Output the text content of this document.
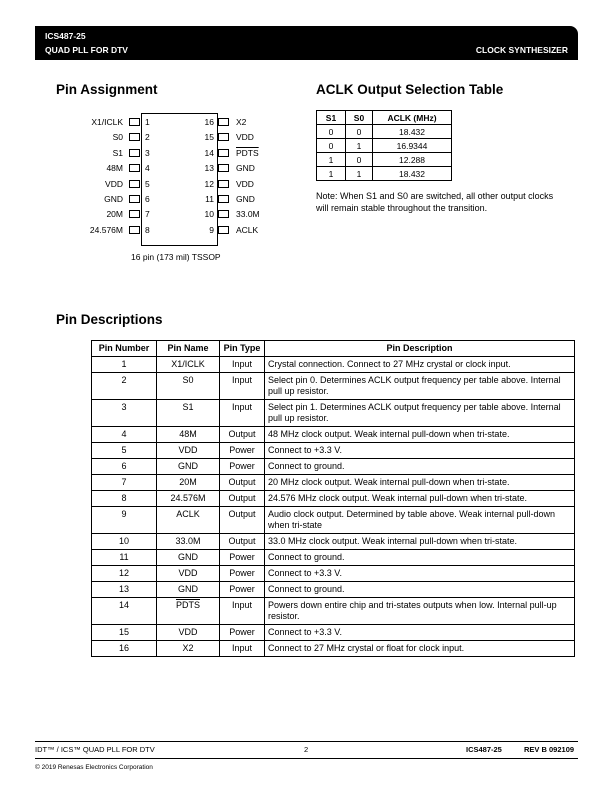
ICS487-25
QUAD PLL FOR DTV	CLOCK SYNTHESIZER
Pin Assignment	ACLK Output Selection Table
X1/ICLK	1
S0	2
S1	3
48M	4
VDD	5
GND	6
20M	7
24.576M	8
16	X2
15	VDD
14	PDTS
13	GND
12	VDD
11	GND
10	33.0M
9	ACLK
16 pin (173 mil) TSSOP
S1	S0	ACLK (MHz)
0	0	18.432
0	1	16.9344
1	0	12.288
1	1	18.432
Note: When S1 and S0 are switched, all other output clocks will remain stable throughout the transition.
Pin Descriptions
Pin Number	Pin Name	Pin Type	Pin Description
1	X1/ICLK	Input	Crystal connection. Connect to 27 MHz crystal or clock input.
2	S0	Input	Select pin 0. Determines ACLK output frequency per table above. Internal pull up resistor.
3	S1	Input	Select pin 1. Determines ACLK output frequency per table above. Internal pull up resistor.
4	48M	Output	48 MHz clock output. Weak internal pull-down when tri-state.
5	VDD	Power	Connect to +3.3 V.
6	GND	Power	Connect to ground.
7	20M	Output	20 MHz clock output. Weak internal pull-down when tri-state.
8	24.576M	Output	24.576 MHz clock output. Weak internal pull-down when tri-state.
9	ACLK	Output	Audio clock output. Determined by table above. Weak internal pull-down when tri-state
10	33.0M	Output	33.0 MHz clock output. Weak internal pull-down when tri-state.
11	GND	Power	Connect to ground.
12	VDD	Power	Connect to +3.3 V.
13	GND	Power	Connect to ground.
14	PDTS	Input	Powers down entire chip and tri-states outputs when low. Internal pull-up resistor.
15	VDD	Power	Connect to +3.3 V.
16	X2	Input	Connect to 27 MHz crystal or float for clock input.
IDT™ / ICS™ QUAD PLL FOR DTV	2	ICS487-25	REV B 092109
© 2019 Renesas Electronics Corporation
